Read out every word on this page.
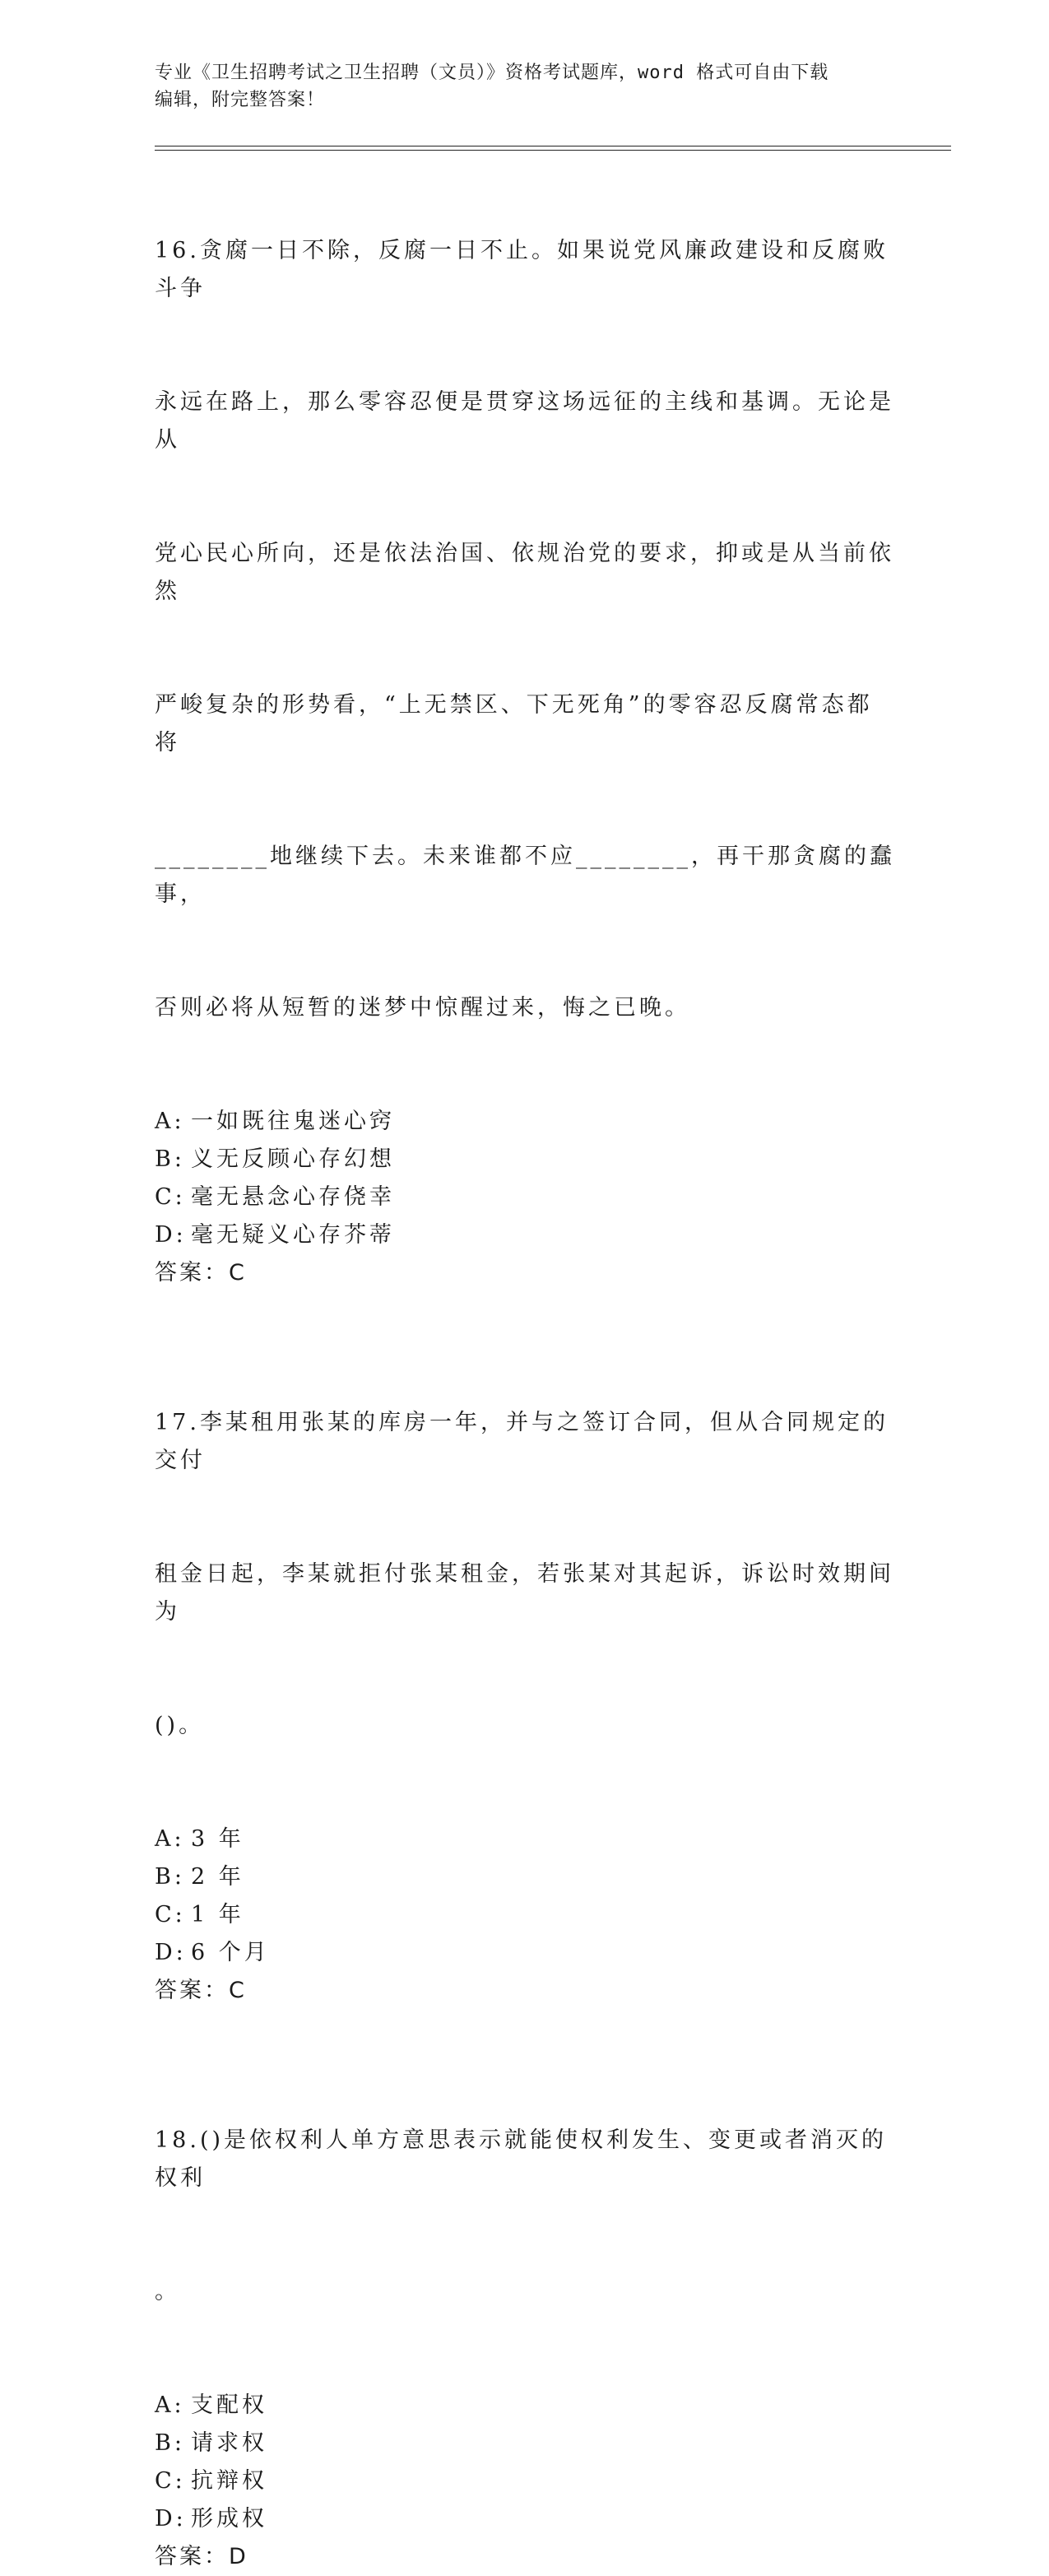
专业《卫生招聘考试之卫生招聘（文员）》资格考试题库，word 格式可自由下载
编辑，附完整答案！

16.贪腐一日不除，反腐一日不止。如果说党风廉政建设和反腐败斗争

永远在路上，那么零容忍便是贯穿这场远征的主线和基调。无论是从

党心民心所向，还是依法治国、依规治党的要求，抑或是从当前依然

严峻复杂的形势看，“上无禁区、下无死角”的零容忍反腐常态都将

________地继续下去。未来谁都不应________，再干那贪腐的蠢事，

否则必将从短暂的迷梦中惊醒过来，悔之已晚。

A: 一如既往鬼迷心窍
B: 义无反顾心存幻想
C: 毫无悬念心存侥幸
D: 毫无疑义心存芥蒂
答案：C

17.李某租用张某的库房一年，并与之签订合同，但从合同规定的交付

租金日起，李某就拒付张某租金，若张某对其起诉，诉讼时效期间为

()。

A: 3 年
B: 2 年
C: 1 年
D: 6 个月
答案：C

18.()是依权利人单方意思表示就能使权利发生、变更或者消灭的权利

。

A: 支配权
B: 请求权
C: 抗辩权
D: 形成权
答案：D
